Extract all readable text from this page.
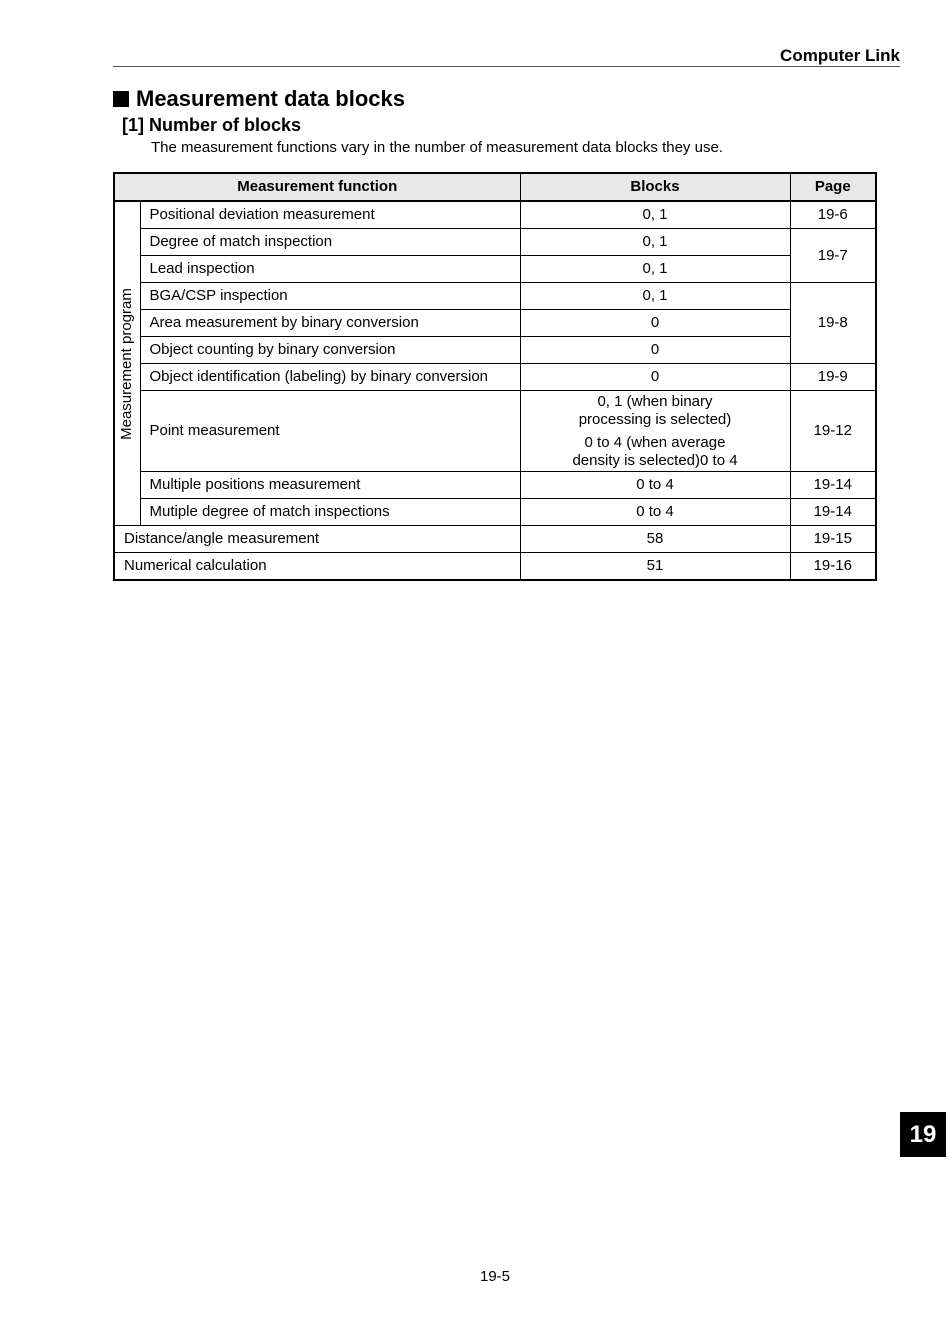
Computer Link
Measurement data blocks
[1] Number of blocks
The measurement functions vary in the number of measurement data blocks they use.
Measurement function		Blocks	Page

Measurement program	Positional deviation measurement	0, 1	19-6
	Degree of match inspection	0, 1	19-7
	Lead inspection	0, 1	
	BGA/CSP inspection	0, 1	19-8
	Area measurement by binary conversion	0	
	Object counting by binary conversion	0	
	Object identification (labeling) by binary conversion	0	19-9
	Point measurement	0, 1 (when binary
processing is selected)
0 to 4 (when average
density is selected)0 to 4	19-12
	Multiple positions measurement	0 to 4	19-14
	Mutiple degree of match inspections	0 to 4	19-14
Distance/angle measurement		58	19-15
Numerical calculation		51	19-16
19
19-5
